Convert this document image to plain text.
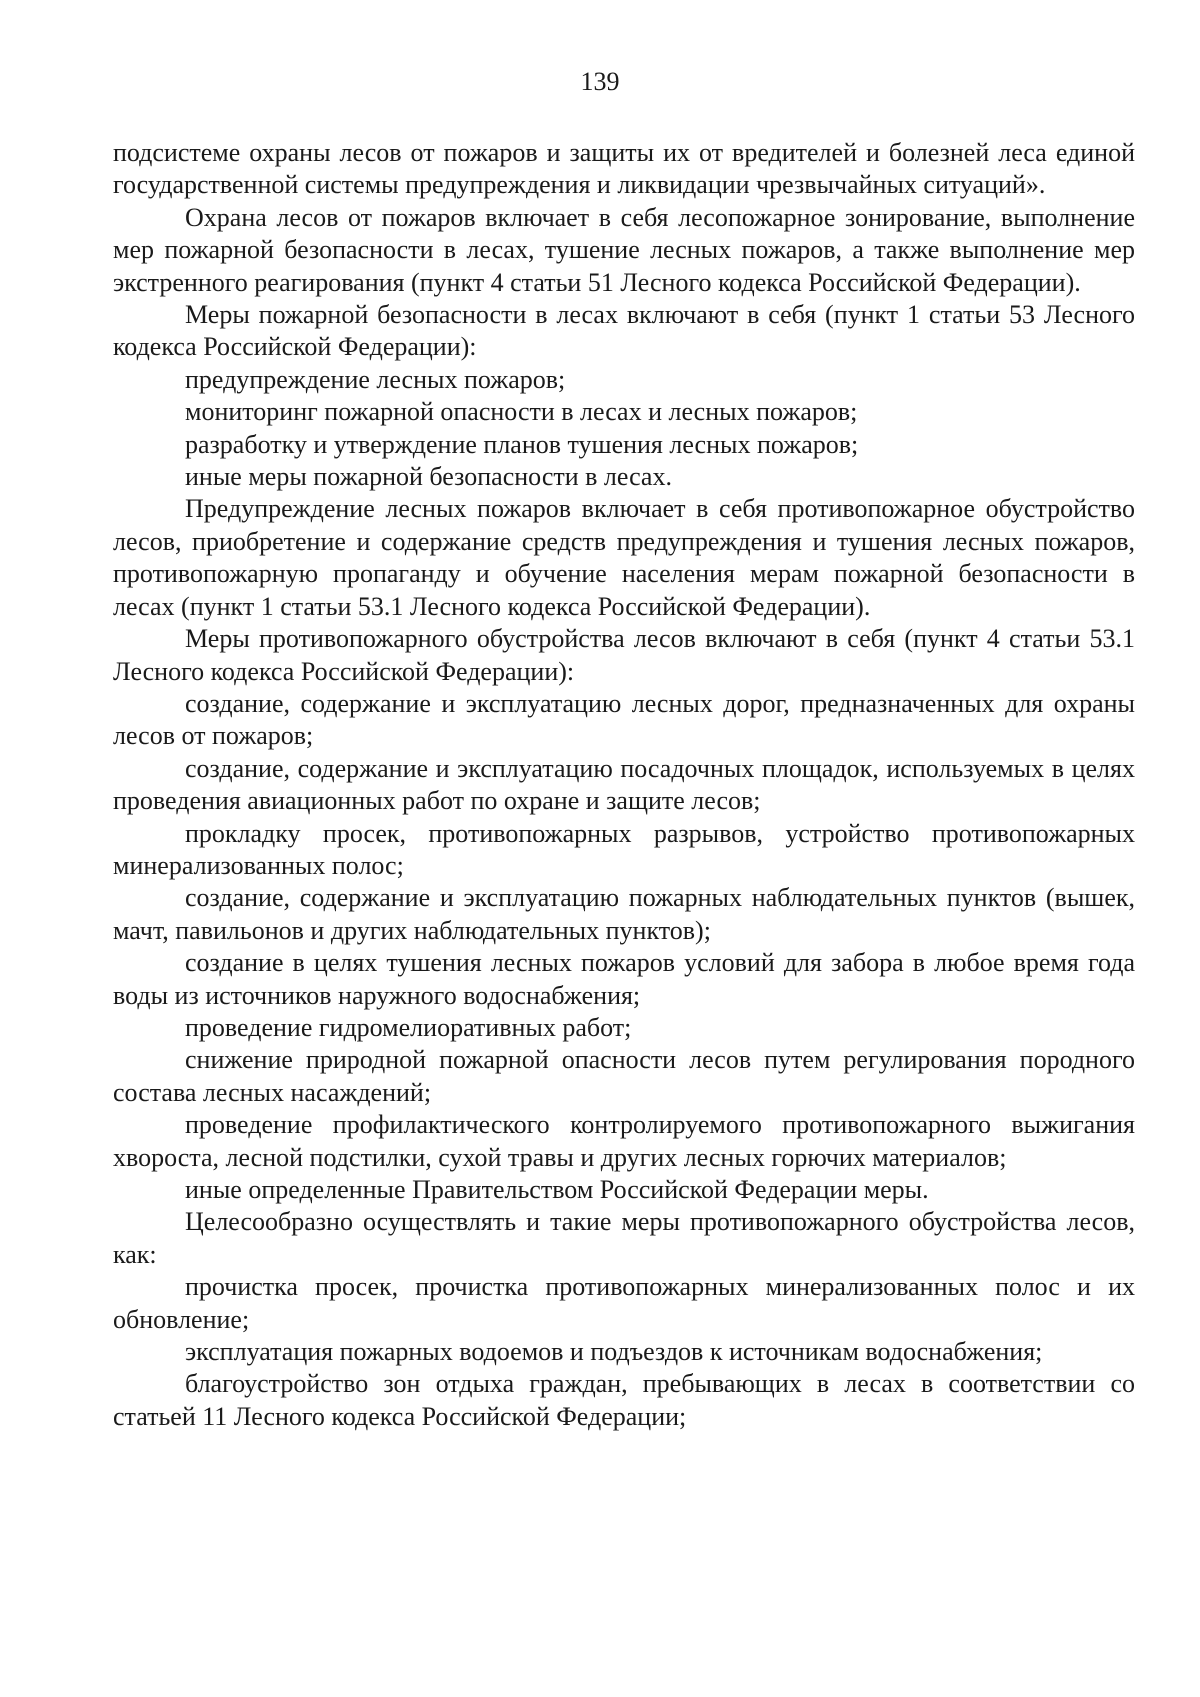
139

подсистеме охраны лесов от пожаров и защиты их от вредителей и болезней леса единой государственной системы предупреждения и ликвидации чрезвычайных ситуаций».

Охрана лесов от пожаров включает в себя лесопожарное зонирование, выполнение мер пожарной безопасности в лесах, тушение лесных пожаров, а также выполнение мер экстренного реагирования (пункт 4 статьи 51 Лесного кодекса Российской Федерации).

Меры пожарной безопасности в лесах включают в себя (пункт 1 статьи 53 Лесного кодекса Российской Федерации):

предупреждение лесных пожаров;

мониторинг пожарной опасности в лесах и лесных пожаров;

разработку и утверждение планов тушения лесных пожаров;

иные меры пожарной безопасности в лесах.

Предупреждение лесных пожаров включает в себя противопожарное обустройство лесов, приобретение и содержание средств предупреждения и тушения лесных пожаров, противопожарную пропаганду и обучение населения мерам пожарной безопасности в лесах (пункт 1 статьи 53.1 Лесного кодекса Российской Федерации).

Меры противопожарного обустройства лесов включают в себя (пункт 4 статьи 53.1 Лесного кодекса Российской Федерации):

создание, содержание и эксплуатацию лесных дорог, предназначенных для охраны лесов от пожаров;

создание, содержание и эксплуатацию посадочных площадок, используемых в целях проведения авиационных работ по охране и защите лесов;

прокладку просек, противопожарных разрывов, устройство противопожарных минерализованных полос;

создание, содержание и эксплуатацию пожарных наблюдательных пунктов (вышек, мачт, павильонов и других наблюдательных пунктов);

создание в целях тушения лесных пожаров условий для забора в любое время года воды из источников наружного водоснабжения;

проведение гидромелиоративных работ;

снижение природной пожарной опасности лесов путем регулирования породного состава лесных насаждений;

проведение профилактического контролируемого противопожарного выжигания хвороста, лесной подстилки, сухой травы и других лесных горючих материалов;

иные определенные Правительством Российской Федерации меры.

Целесообразно осуществлять и такие меры противопожарного обустройства лесов, как:

прочистка просек, прочистка противопожарных минерализованных полос и их обновление;

эксплуатация пожарных водоемов и подъездов к источникам водоснабжения;

благоустройство зон отдыха граждан, пребывающих в лесах в соответствии со статьей 11 Лесного кодекса Российской Федерации;
